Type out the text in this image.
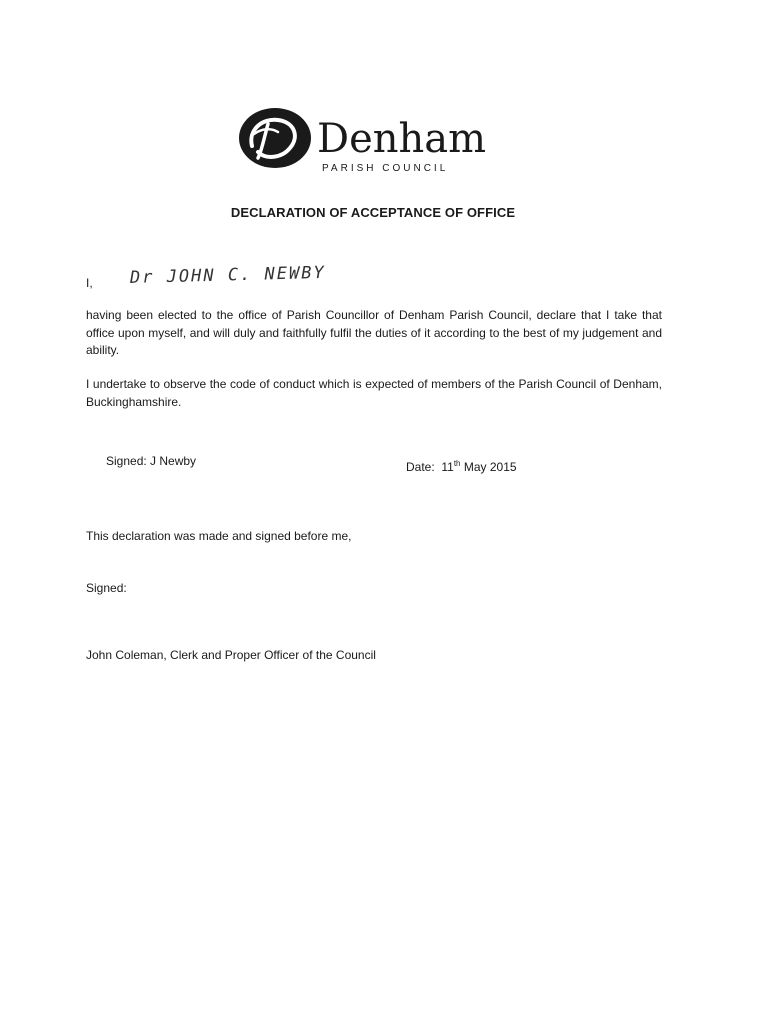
Denham
PARISH COUNCIL
DECLARATION OF ACCEPTANCE OF OFFICE
I, Dr JOHN C. NEWBY
having been elected to the office of Parish Councillor of Denham Parish Council, declare that I take that office upon myself, and will duly and faithfully fulfil the duties of it according to the best of my judgement and ability.
I undertake to observe the code of conduct which is expected of members of the Parish Council of Denham, Buckinghamshire.
Signed: J Newby	Date: 11th May 2015
This declaration was made and signed before me,
Signed:
John Coleman, Clerk and Proper Officer of the Council
